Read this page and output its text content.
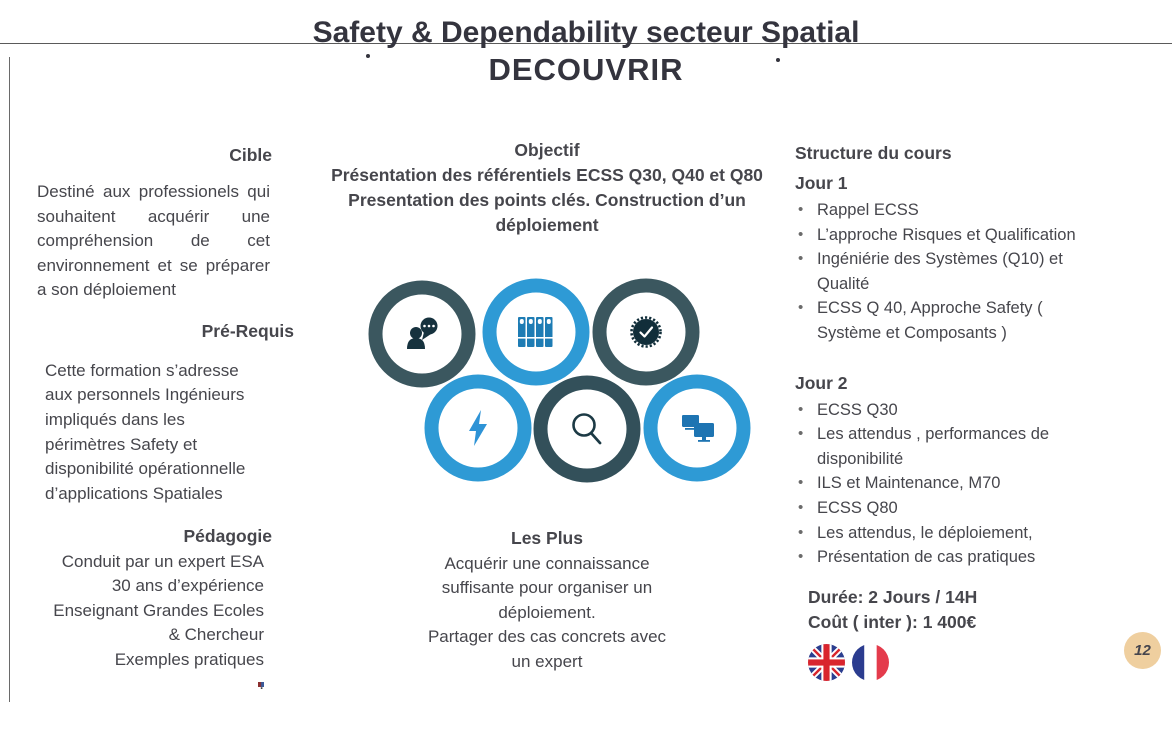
Safety & Dependability secteur Spatial
DECOUVRIR
Cible

Destiné aux professionels qui souhaitent acquérir une compréhension de cet environnement et se préparer a son déploiement

Pré-Requis

Cette formation s’adresse aux personnels Ingénieurs impliqués dans les périmètres Safety et disponibilité opérationnelle d’applications Spatiales

Pédagogie
Conduit par un expert ESA
30 ans d’expérience
Enseignant Grandes Ecoles
& Chercheur
Exemples pratiques
Objectif
Présentation des référentiels ECSS Q30, Q40 et Q80
Presentation des points clés. Construction d’un déploiement
Les Plus
Acquérir une connaissance suffisante pour organiser un déploiement.
Partager des cas concrets avec un expert
Structure du cours
Jour 1
• Rappel ECSS
• L’approche Risques et Qualification
• Ingéniérie des Systèmes (Q10) et Qualité
• ECSS Q 40, Approche Safety ( Système et Composants )
Jour 2
• ECSS Q30
• Les attendus , performances de disponibilité
• ILS et Maintenance, M70
• ECSS Q80
• Les attendus, le déploiement,
• Présentation de cas pratiques
Durée: 2 Jours / 14H
Coût ( inter ): 1 400€

12
